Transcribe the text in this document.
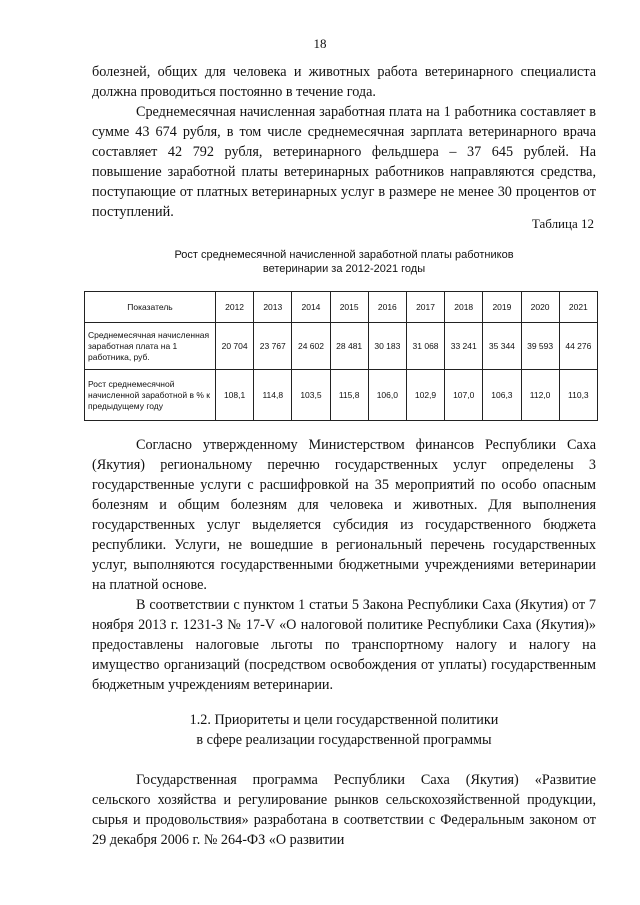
18

болезней, общих для человека и животных работа ветеринарного специалиста должна проводиться постоянно в течение года.

Среднемесячная начисленная заработная плата на 1 работника составляет в сумме 43 674 рубля, в том числе среднемесячная зарплата ветеринарного врача составляет 42 792 рубля, ветеринарного фельдшера – 37 645 рублей. На повышение заработной платы ветеринарных работников направляются средства, поступающие от платных ветеринарных услуг в размере не менее 30 процентов от поступлений.

Таблица 12
Рост среднемесячной начисленной заработной платы работников
ветеринарии за 2012-2021 годы
Показатель	2012	2013	2014	2015	2016	2017	2018	2019	2020	2021
Среднемесячная начисленная заработная плата на 1 работника, руб.	20 704	23 767	24 602	28 481	30 183	31 068	33 241	35 344	39 593	44 276
Рост среднемесячной начисленной заработной в % к предыдущему году	108,1	114,8	103,5	115,8	106,0	102,9	107,0	106,3	112,0	110,3

Согласно утвержденному Министерством финансов Республики Саха (Якутия) региональному перечню государственных услуг определены 3 государственные услуги с расшифровкой на 35 мероприятий по особо опасным болезням и общим болезням для человека и животных. Для выполнения государственных услуг выделяется субсидия из государственного бюджета республики. Услуги, не вошедшие в региональный перечень государственных услуг, выполняются государственными бюджетными учреждениями ветеринарии на платной основе.

В соответствии с пунктом 1 статьи 5 Закона Республики Саха (Якутия) от 7 ноября 2013 г. 1231-З № 17-V «О налоговой политике Республики Саха (Якутия)» предоставлены налоговые льготы по транспортному налогу и налогу на имущество организаций (посредством освобождения от уплаты) государственным бюджетным учреждениям ветеринарии.

1.2. Приоритеты и цели государственной политики
в сфере реализации государственной программы

Государственная программа Республики Саха (Якутия) «Развитие сельского хозяйства и регулирование рынков сельскохозяйственной продукции, сырья и продовольствия» разработана в соответствии с Федеральным законом от 29 декабря 2006 г. № 264-ФЗ «О развитии
